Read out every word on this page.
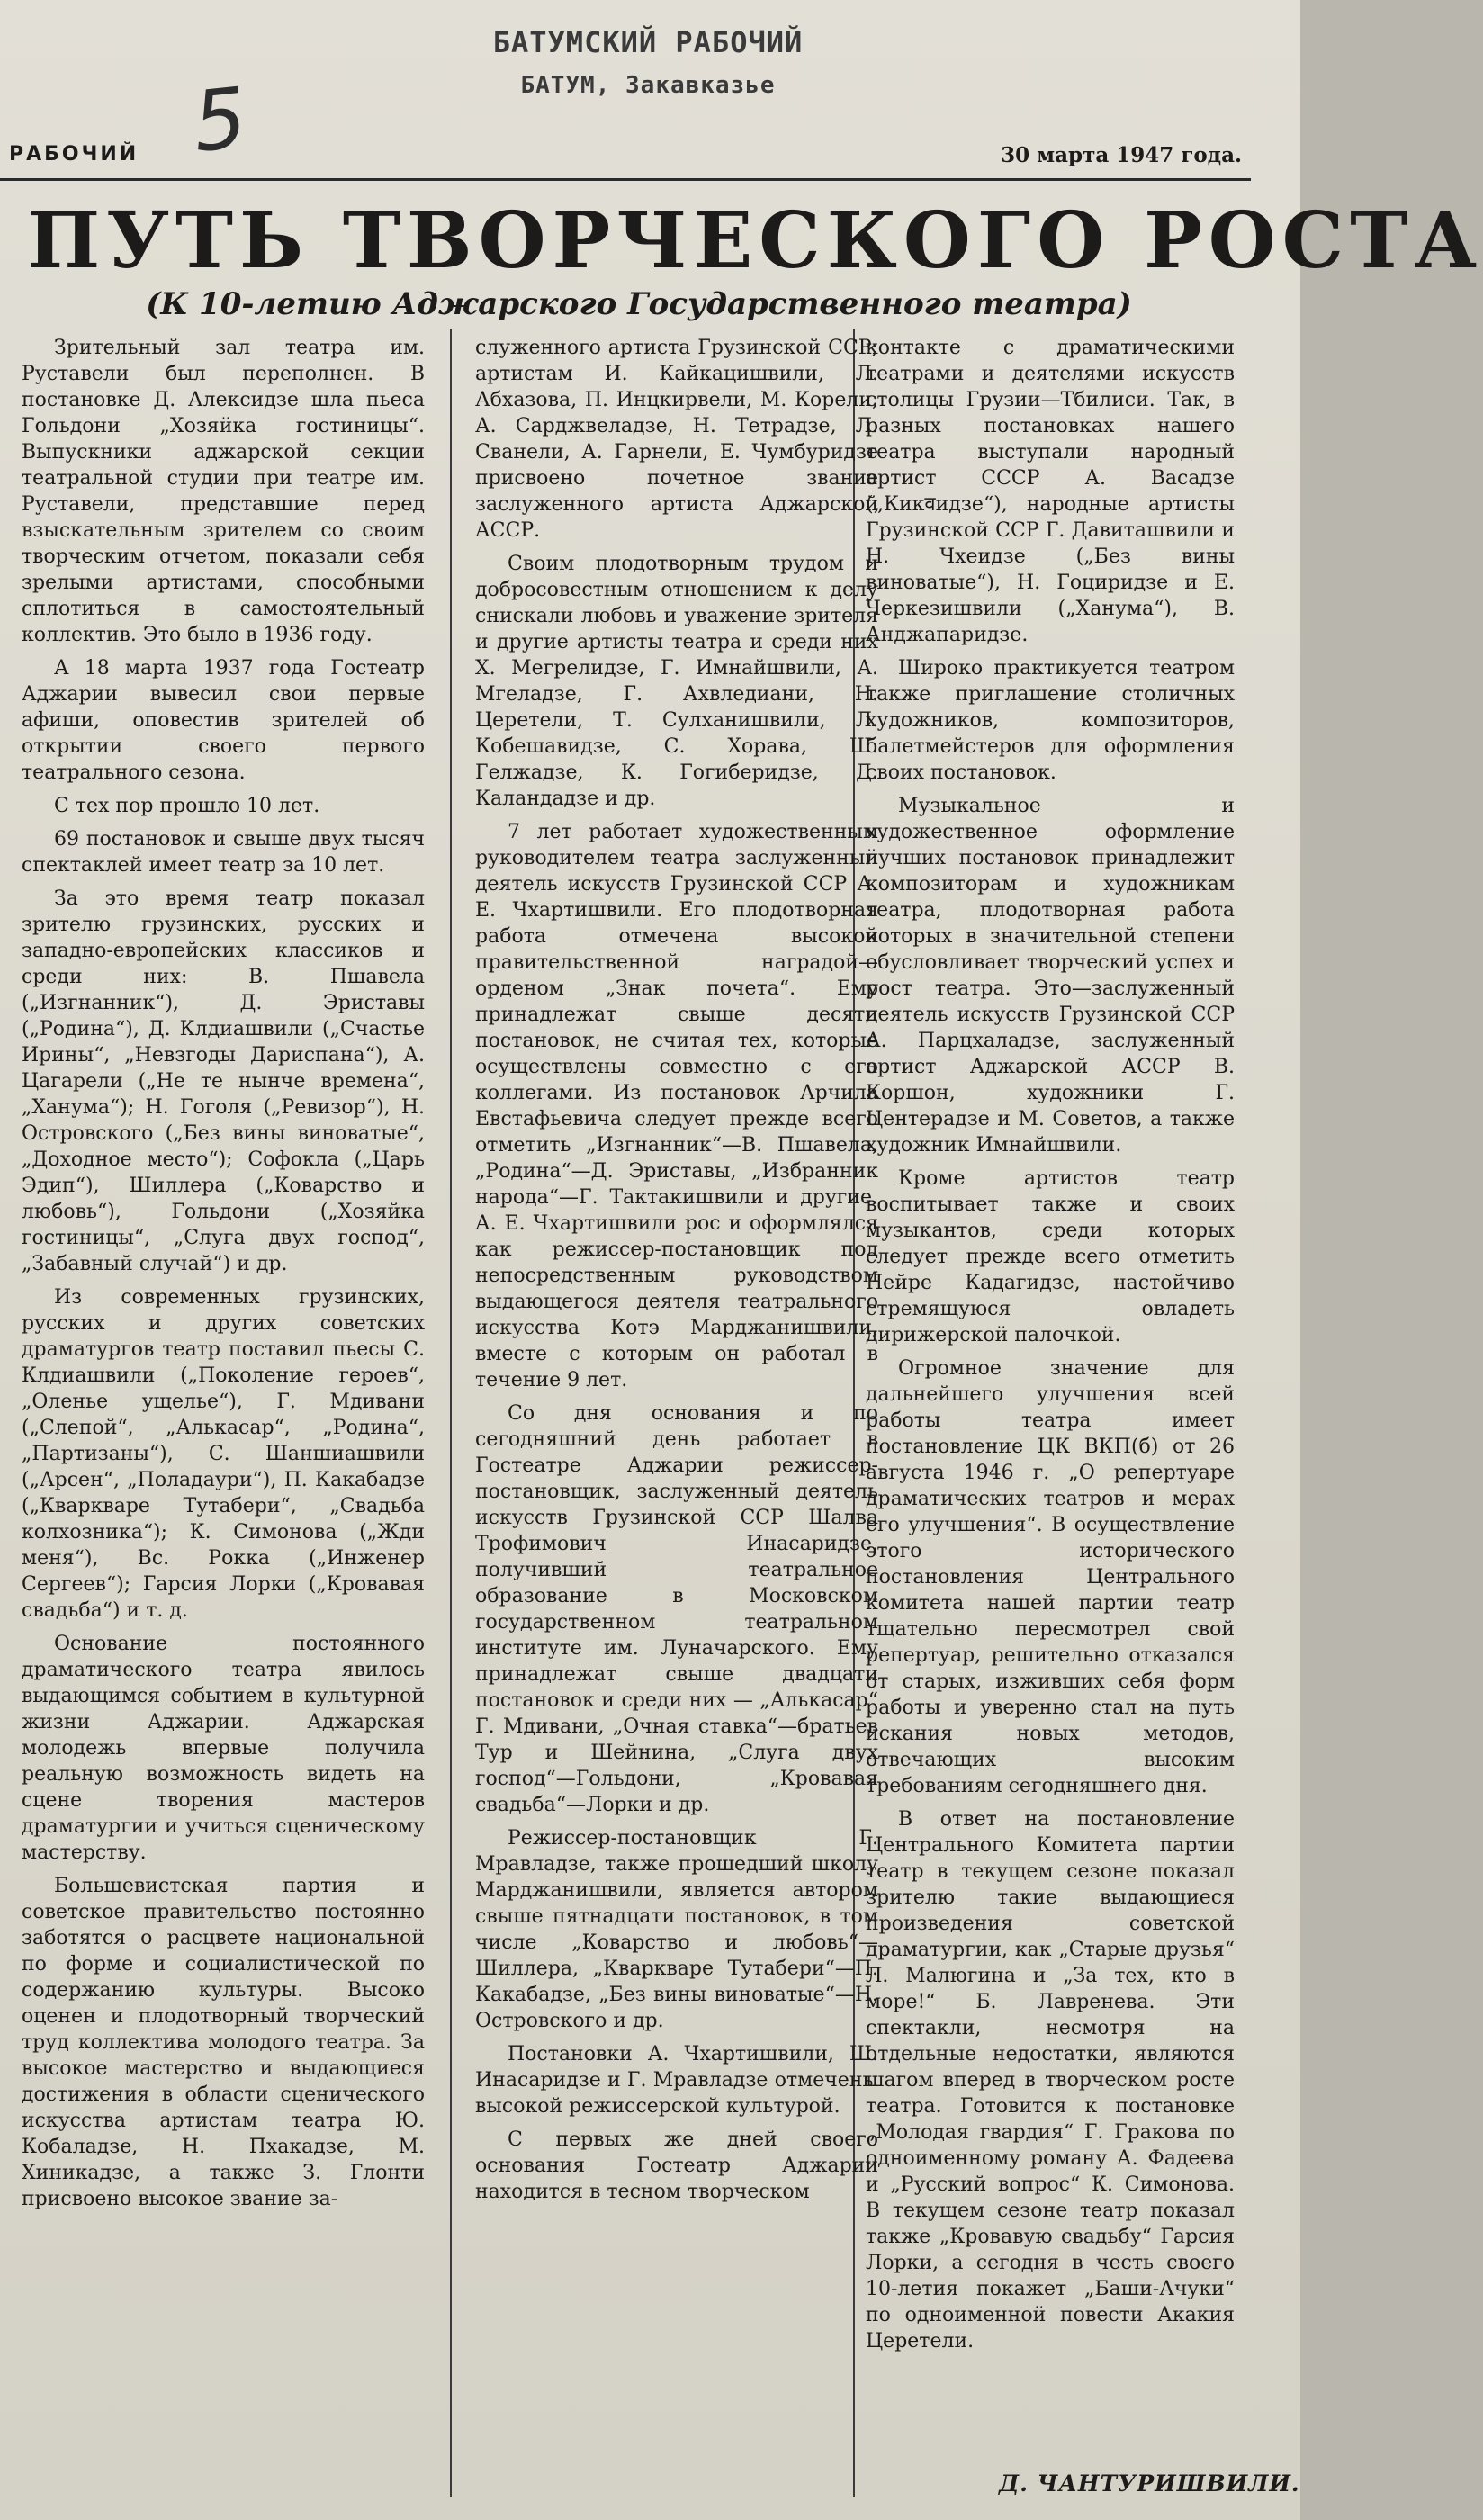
БАТУМСКИЙ РАБОЧИЙ
БАТУМ, Закавказье
5
РАБОЧИЙ	30 марта 1947 года.
ПУТЬ ТВОРЧЕСКОГО РОСТА
(К 10-летию Аджарского Государственного театра)

Зрительный зал театра им. Руставели был переполнен. В постановке Д. Алексидзе шла пьеса Гольдони „Хозяйка гостиницы“. Выпускники аджарской секции театральной студии при театре им. Руставели, представшие перед взыскательным зрителем со своим творческим отчетом, показали себя зрелыми артистами, способными сплотиться в самостоятельный коллектив. Это было в 1936 году.

А 18 марта 1937 года Гостеатр Аджарии вывесил свои первые афиши, оповестив зрителей об открытии своего первого театрального сезона.

С тех пор прошло 10 лет.

69 постановок и свыше двух тысяч спектаклей имеет театр за 10 лет.

За это время театр показал зрителю грузинских, русских и западно-европейских классиков и среди них: В. Пшавела („Изгнанник“), Д. Эриставы („Родина“), Д. Клдиашвили („Счастье Ирины“, „Невзгоды Дариспана“), А. Цагарели („Не те нынче времена“, „Ханума“); Н. Гоголя („Ревизор“), Н. Островского („Без вины виноватые“, „Доходное место“); Софокла („Царь Эдип“), Шиллера („Коварство и любовь“), Гольдони („Хозяйка гостиницы“, „Слуга двух господ“, „Забавный случай“) и др.

Из современных грузинских, русских и других советских драматургов театр поставил пьесы С. Клдиашвили („Поколение героев“, „Оленье ущелье“), Г. Мдивани („Слепой“, „Алькасар“, „Родина“, „Партизаны“), С. Шаншиашвили („Арсен“, „Поладаури“), П. Какабадзе („Кваркваре Тутабери“, „Свадьба колхозника“); К. Симонова („Жди меня“), Вс. Рокка („Инженер Сергеев“); Гарсия Лорки („Кровавая свадьба“) и т. д.

Основание постоянного драматического театра явилось выдающимся событием в культурной жизни Аджарии. Аджарская молодежь впервые получила реальную возможность видеть на сцене творения мастеров драматургии и учиться сценическому мастерству.

Большевистская партия и советское правительство постоянно заботятся о расцвете национальной по форме и социалистической по содержанию культуры. Высоко оценен и плодотворный творческий труд коллектива молодого театра. За высокое мастерство и выдающиеся достижения в области сценического искусства артистам театра Ю. Кобаладзе, Н. Пхакадзе, М. Хиникадзе, а также З. Глонти присвоено высокое звание за-

служенного артиста Грузинской ССР; артистам И. Кайкацишвили, Л. Абхазова, П. Инцкирвели, М. Корели, А. Сарджвеладзе, Н. Тетрадзе, Л. Сванели, А. Гарнели, Е. Чумбуридзе присвоено почетное звание заслуженного артиста Аджарской АССР.

Своим плодотворным трудом и добросовестным отношением к делу снискали любовь и уважение зрителя и другие артисты театра и среди них Х. Мегрелидзе, Г. Имнайшвили, А. Мгеладзе, Г. Ахвледиани, Н. Церетели, Т. Сулханишвили, Л. Кобешавидзе, С. Хорава, Ш. Гелжадзе, К. Гогиберидзе, Д. Каландадзе и др.

7 лет работает художественным руководителем театра заслуженный деятель искусств Грузинской ССР А. Е. Чхартишвили. Его плодотворная работа отмечена высокой правительственной наградой—орденом „Знак почета“. Ему принадлежат свыше десяти постановок, не считая тех, которые осуществлены совместно с его коллегами. Из постановок Арчила Евстафьевича следует прежде всего отметить „Изгнанник“—В. Пшавела, „Родина“—Д. Эриставы, „Избранник народа“—Г. Тактакишвили и другие. А. Е. Чхартишвили рос и оформлялся как режиссер-постановщик под непосредственным руководством выдающегося деятеля театрального искусства Котэ Марджанишвили, вместе с которым он работал в течение 9 лет.

Со дня основания и по сегодняшний день работает в Гостеатре Аджарии режиссер-постановщик, заслуженный деятель искусств Грузинской ССР Шалва Трофимович Инасаридзе, получивший театральное образование в Московском государственном театральном институте им. Луначарского. Ему принадлежат свыше двадцати постановок и среди них — „Алькасар“ Г. Мдивани, „Очная ставка“—братьев Тур и Шейнина, „Слуга двух господ“—Гольдони, „Кровавая свадьба“—Лорки и др.

Режиссер-постановщик Г. Мравладзе, также прошедший школу Марджанишвили, является автором свыше пятнадцати постановок, в том числе „Коварство и любовь“—Шиллера, „Кваркваре Тутабери“—П. Какабадзе, „Без вины виноватые“—Н. Островского и др.

Постановки А. Чхартишвили, Ш. Инасаридзе и Г. Мравладзе отмечены высокой режиссерской культурой.

С первых же дней своего основания Гостеатр Аджарии находится в тесном творческом

контакте с драматическими театрами и деятелями искусств столицы Грузии—Тбилиси. Так, в разных постановках нашего театра выступали народный артист СССР А. Васадзе („Кикवидзе“), народные артисты Грузинской ССР Г. Давиташвили и Н. Чхеидзе („Без вины виноватые“), Н. Гоциридзе и Е. Черкезишвили („Ханума“), В. Анджапаридзе.

Широко практикуется театром также приглашение столичных художников, композиторов, балетмейстеров для оформления своих постановок.

Музыкальное и художественное оформление лучших постановок принадлежит композиторам и художникам театра, плодотворная работа которых в значительной степени обусловливает творческий успех и рост театра. Это—заслуженный деятель искусств Грузинской ССР А. Парцхаладзе, заслуженный артист Аджарской АССР В. Коршон, художники Г. Центерадзе и М. Советов, а также художник Имнайшвили.

Кроме артистов театр воспитывает также и своих музыкантов, среди которых следует прежде всего отметить Нейре Кадагидзе, настойчиво стремящуюся овладеть дирижерской палочкой.

Огромное значение для дальнейшего улучшения всей работы театра имеет постановление ЦК ВКП(б) от 26 августа 1946 г. „О репертуаре драматических театров и мерах его улучшения“. В осуществление этого исторического постановления Центрального комитета нашей партии театр тщательно пересмотрел свой репертуар, решительно отказался от старых, изживших себя форм работы и уверенно стал на путь искания новых методов, отвечающих высоким требованиям сегодняшнего дня.

В ответ на постановление Центрального Комитета партии театр в текущем сезоне показал зрителю такие выдающиеся произведения советской драматургии, как „Старые друзья“ Л. Малюгина и „За тех, кто в море!“ Б. Лавренева. Эти спектакли, несмотря на отдельные недостатки, являются шагом вперед в творческом росте театра. Готовится к постановке „Молодая гвардия“ Г. Гракова по одноименному роману А. Фадеева и „Русский вопрос“ К. Симонова. В текущем сезоне театр показал также „Кровавую свадьбу“ Гарсия Лорки, а сегодня в честь своего 10-летия покажет „Баши-Ачуки“ по одноименной повести Акакия Церетели.

Д. ЧАНТУРИШВИЛИ.
